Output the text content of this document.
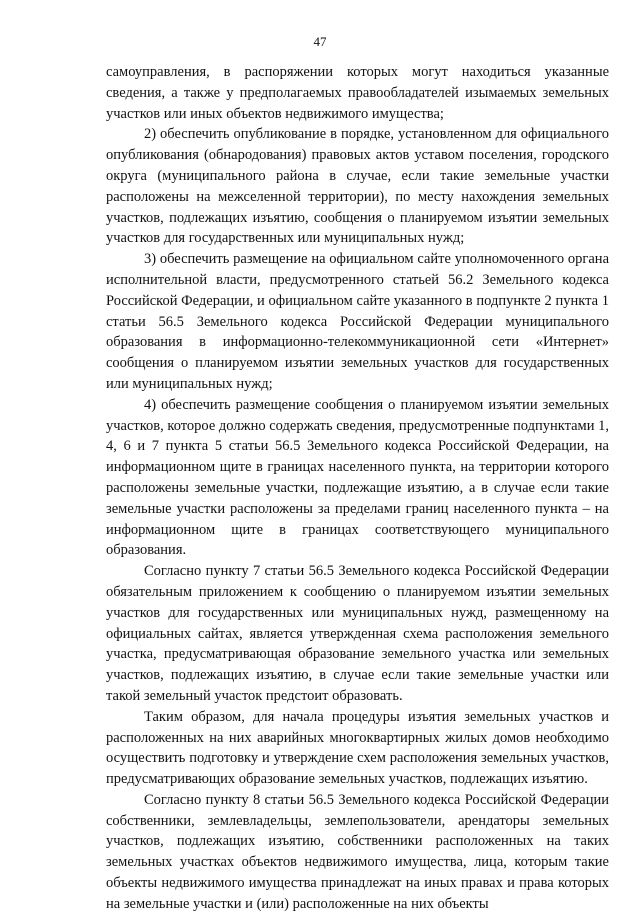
47

самоуправления, в распоряжении которых могут находиться указанные сведения, а также у предполагаемых правообладателей изымаемых земельных участков или иных объектов недвижимого имущества;

2) обеспечить опубликование в порядке, установленном для официального опубликования (обнародования) правовых актов уставом поселения, городского округа (муниципального района в случае, если такие земельные участки расположены на межселенной территории), по месту нахождения земельных участков, подлежащих изъятию, сообщения о планируемом изъятии земельных участков для государственных или муниципальных нужд;

3) обеспечить размещение на официальном сайте уполномоченного органа исполнительной власти, предусмотренного статьей 56.2 Земельного кодекса Российской Федерации, и официальном сайте указанного в подпункте 2 пункта 1 статьи 56.5 Земельного кодекса Российской Федерации муниципального образования в информационно-телекоммуникационной сети «Интернет» сообщения о планируемом изъятии земельных участков для государственных или муниципальных нужд;

4) обеспечить размещение сообщения о планируемом изъятии земельных участков, которое должно содержать сведения, предусмотренные подпунктами 1, 4, 6 и 7 пункта 5 статьи 56.5 Земельного кодекса Российской Федерации, на информационном щите в границах населенного пункта, на территории которого расположены земельные участки, подлежащие изъятию, а в случае если такие земельные участки расположены за пределами границ населенного пункта – на информационном щите в границах соответствующего муниципального образования.

Согласно пункту 7 статьи 56.5 Земельного кодекса Российской Федерации обязательным приложением к сообщению о планируемом изъятии земельных участков для государственных или муниципальных нужд, размещенному на официальных сайтах, является утвержденная схема расположения земельного участка, предусматривающая образование земельного участка или земельных участков, подлежащих изъятию, в случае если такие земельные участки или такой земельный участок предстоит образовать.

Таким образом, для начала процедуры изъятия земельных участков и расположенных на них аварийных многоквартирных жилых домов необходимо осуществить подготовку и утверждение схем расположения земельных участков, предусматривающих образование земельных участков, подлежащих изъятию.

Согласно пункту 8 статьи 56.5 Земельного кодекса Российской Федерации собственники, землевладельцы, землепользователи, арендаторы земельных участков, подлежащих изъятию, собственники расположенных на таких земельных участках объектов недвижимого имущества, лица, которым такие объекты недвижимого имущества принадлежат на иных правах и права которых на земельные участки и (или) расположенные на них объекты
